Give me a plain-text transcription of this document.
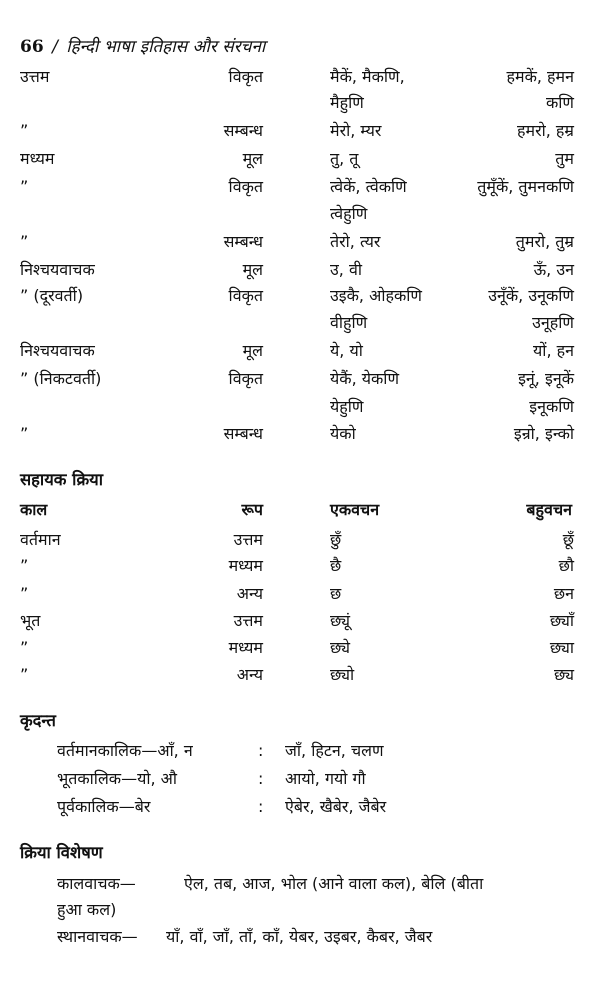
66 / हिन्दी भाषा इतिहास और संरचना
उत्तम	विकृत	मैकें, मैकणि,	हमकें, हमन
मैहुणि	कणि
”	सम्बन्ध	मेरो, म्यर	हमरो, हम्र
मध्यम	मूल	तु, तू	तुम
”	विकृत	त्वेकें, त्वेकणि	तुमूँकें, तुमनकणि
त्वेहुणि
”	सम्बन्ध	तेरो, त्यर	तुमरो, तुम्र
निश्चयवाचक	मूल	उ, वी	ऊँ, उन
” (दूरवर्ती)	विकृत	उइकै, ओहकणि	उनूँकें, उनूकणि
वीहुणि	उनूहणि
निश्चयवाचक	मूल	ये, यो	यों, हन
” (निकटवर्ती)	विकृत	येकैं, येकणि	इनूं, इनूकें
येहुणि	इनूकणि
”	सम्बन्ध	येको	इन्रो, इन्को
सहायक क्रिया
काल	रूप	एकवचन	बहुवचन
वर्तमान	उत्तम	छुँ	छूँ
”	मध्यम	छै	छौ
”	अन्य	छ	छन
भूत	उत्तम	छ्यूं	छ्याँ
”	मध्यम	छ्ये	छ्या
”	अन्य	छ्यो	छ्य
कृदन्त
वर्तमानकालिक—आँ, न	: जाँ, हिटन, चलण
भूतकालिक—यो, औ	: आयो, गयो गौ
पूर्वकालिक—बेर	: ऐबेर, खैबेर, जैबेर
क्रिया विशेषण
कालवाचक—	ऐल, तब, आज, भोल (आने वाला कल), बेलि (बीता
हुआ कल)
स्थानवाचक— याँ, वाँ, जाँ, ताँ, काँ, येबर, उइबर, कैबर, जैबर
